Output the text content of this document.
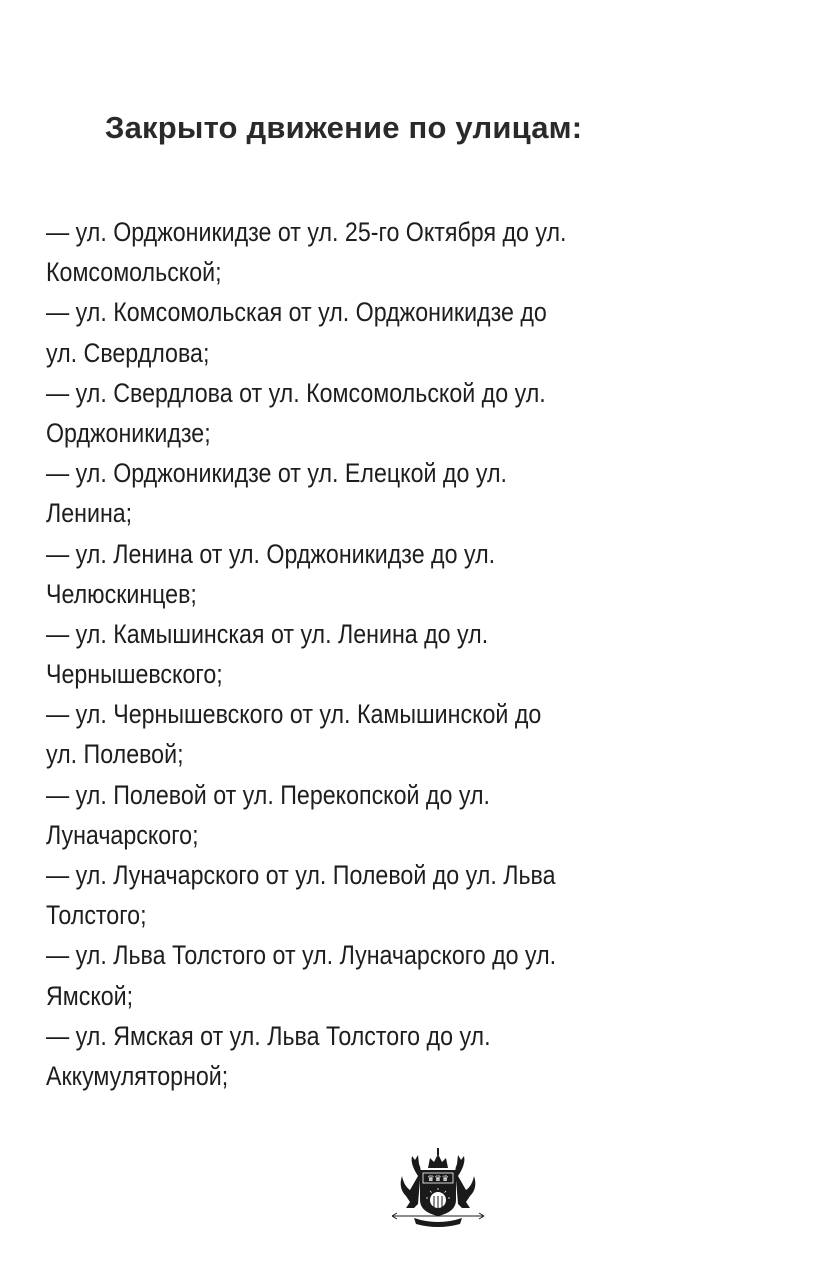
Закрыто движение по улицам:
— ул. Орджоникидзе от ул. 25-го Октября до ул.
Комсомольской;
— ул. Комсомольская от ул. Орджоникидзе до
ул. Свердлова;
— ул. Свердлова от ул. Комсомольской до ул.
Орджоникидзе;
— ул. Орджоникидзе от ул. Елецкой до ул.
Ленина;
— ул. Ленина от ул. Орджоникидзе до ул.
Челюскинцев;
— ул. Камышинская от ул. Ленина до ул.
Чернышевского;
— ул. Чернышевского от ул. Камышинской до
ул. Полевой;
— ул. Полевой от ул. Перекопской до ул.
Луначарского;
— ул. Луначарского от ул. Полевой до ул. Льва
Толстого;
— ул. Льва Толстого от ул. Луначарского до ул.
Ямской;
— ул. Ямская от ул. Льва Толстого до ул.
Аккумуляторной;
♛♛♛
